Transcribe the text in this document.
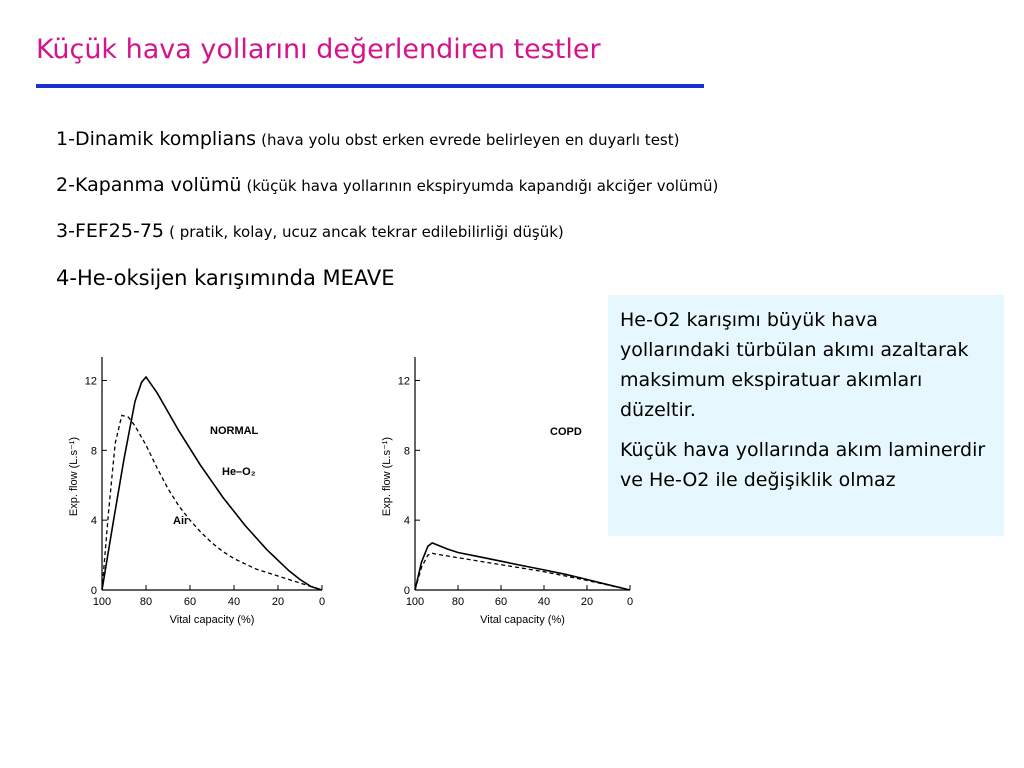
Küçük hava yollarını değerlendiren testler
1-Dinamik komplians (hava yolu obst erken evrede belirleyen en duyarlı test)
2-Kapanma volümü (küçük hava yollarının ekspiryumda kapandığı akciğer volümü)
3-FEF25-75 ( pratik, kolay, ucuz ancak tekrar edilebilirliği düşük)
4-He-oksijen karışımında MEAVE

He-O2 karışımı büyük hava yollarındaki türbülan akımı azaltarak maksimum ekspiratuar akımları düzeltir.

Küçük hava yollarında akım laminerdir ve He-O2 ile değişiklik olmaz

0
4
8
12
100	80	60	40	20	0
Vital capacity (%)
Exp. flow (L.s⁻¹)
NORMAL
He–O₂
Air
0
4
8
12
100	80	60	40	20	0
Vital capacity (%)
Exp. flow (L.s⁻¹)
COPD
